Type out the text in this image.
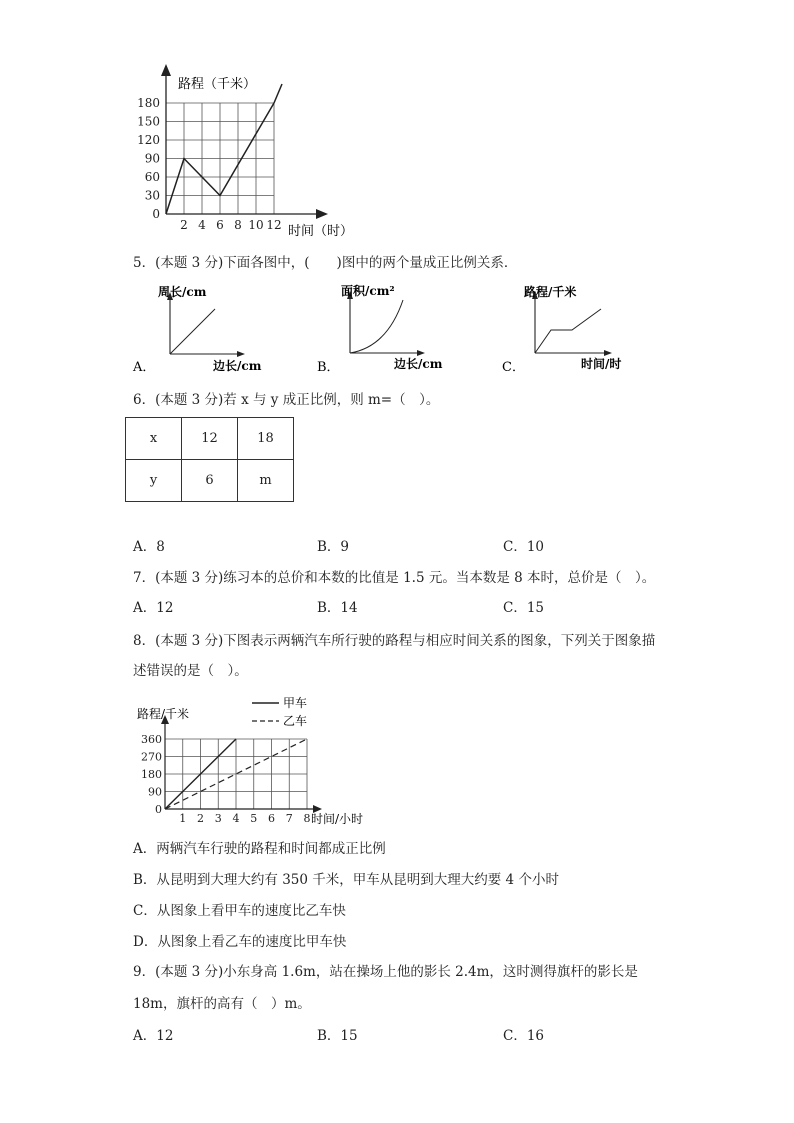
0
30
60
90
120
150
180
2 4 6 8 10 12
路程（千米）
时间（时）
5．(本题 3 分)下面各图中，(　　)图中的两个量成正比例关系．
A．
周长/cm
边长/cm	B．
面积/cm²
边长/cm	C．
路程/千米
时间/时
6．(本题 3 分)若 x 与 y 成正比例，则 m=（　）。
x	12	18
y	6	m
A．8	B．9	C．10
7．(本题 3 分)练习本的总价和本数的比值是 1.5 元。当本数是 8 本时，总价是（　）。
A．12	B．14	C．15
8．(本题 3 分)下图表示两辆汽车所行驶的路程与相应时间关系的图象，下列关于图象描
述错误的是（　）。
0
90
180
270
360
1 2 3 4 5 6 7 8
路程/千米
时间/小时
甲车
乙车
A．两辆汽车行驶的路程和时间都成正比例
B．从昆明到大理大约有 350 千米，甲车从昆明到大理大约要 4 个小时
C．从图象上看甲车的速度比乙车快
D．从图象上看乙车的速度比甲车快
9．(本题 3 分)小东身高 1.6m，站在操场上他的影长 2.4m，这时测得旗杆的影长是
18m，旗杆的高有（　）m。
A．12	B．15	C．16
